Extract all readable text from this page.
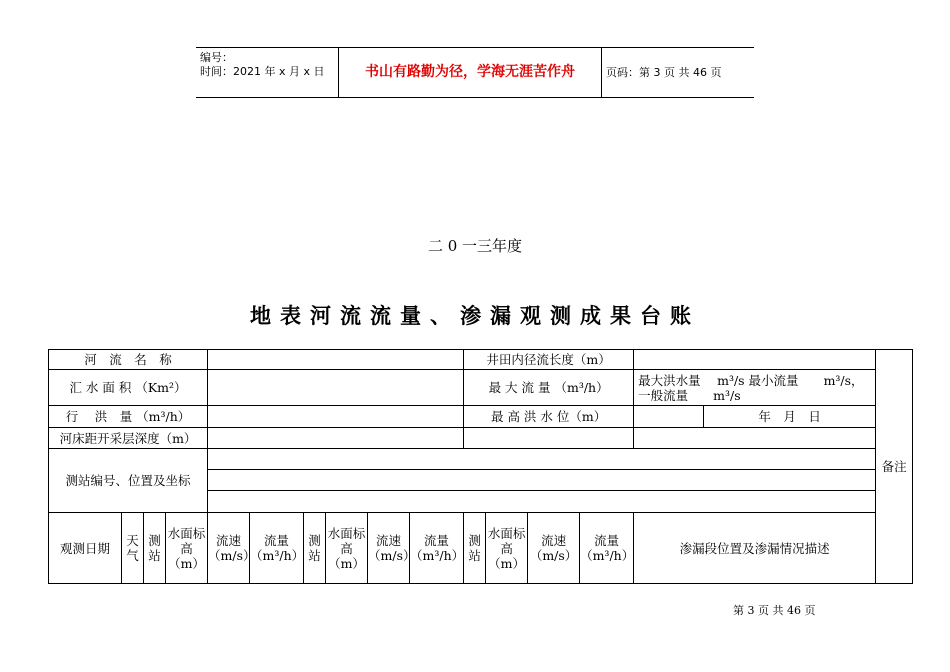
编号：
时间：2021 年 x 月 x 日	书山有路勤为径，学海无涯苦作舟	页码：第 3 页 共 46 页
二 0 一三年度
地表河流流量、渗漏观测成果台账
河　流　名　称										井田内径流长度（m）						备注
汇 水 面 积 （Km²）										最 大 流 量 （m³/h）				最大洪水量　 m³/s 最小流量　　m³/s，一般流量　　m³/s		
行　 洪　量 （m³/h）										最 高 洪 水 位（m）					年　月　日	
河床距开采层深度（m）																
测站编号、位置及坐标																

观测日期	天气	测站	水面标高（m）	流速（m/s）	流量（m³/h）	测站	水面标高（m）	流速（m/s）	流量（m³/h）	测站	水面标高（m）	流速（m/s）	流量（m³/h）	渗漏段位置及渗漏情况描述		
第 3 页 共 46 页
